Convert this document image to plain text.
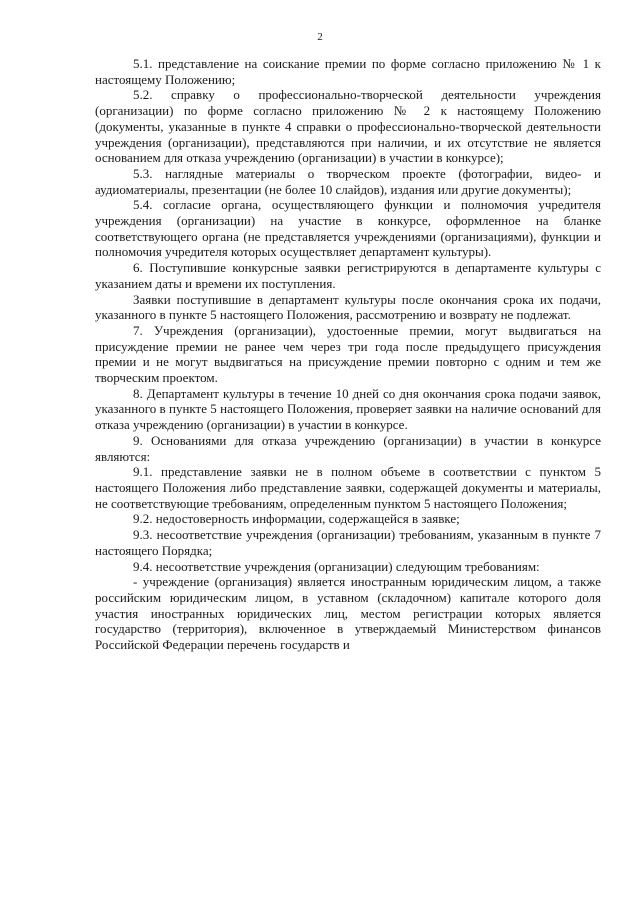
2

5.1. представление на соискание премии по форме согласно приложению № 1 к настоящему Положению;

5.2. справку о профессионально-творческой деятельности учреждения (организации) по форме согласно приложению № 2 к настоящему Положению (документы, указанные в пункте 4 справки о профессионально-творческой деятельности учреждения (организации), представляются при наличии, и их отсутствие не является основанием для отказа учреждению (организации) в участии в конкурсе);

5.3. наглядные материалы о творческом проекте (фотографии, видео- и аудиоматериалы, презентации (не более 10 слайдов), издания или другие документы);

5.4. согласие органа, осуществляющего функции и полномочия учредителя учреждения (организации) на участие в конкурсе, оформленное на бланке соответствующего органа (не представляется учреждениями (организациями), функции и полномочия учредителя которых осуществляет департамент культуры).

6. Поступившие конкурсные заявки регистрируются в департаменте культуры с указанием даты и времени их поступления.

Заявки поступившие в департамент культуры после окончания срока их подачи, указанного в пункте 5 настоящего Положения, рассмотрению и возврату не подлежат.

7. Учреждения (организации), удостоенные премии, могут выдвигаться на присуждение премии не ранее чем через три года после предыдущего присуждения премии и не могут выдвигаться на присуждение премии повторно с одним и тем же творческим проектом.

8. Департамент культуры в течение 10 дней со дня окончания срока подачи заявок, указанного в пункте 5 настоящего Положения, проверяет заявки на наличие оснований для отказа учреждению (организации) в участии в конкурсе.

9. Основаниями для отказа учреждению (организации) в участии в конкурсе являются:

9.1. представление заявки не в полном объеме в соответствии с пунктом 5 настоящего Положения либо представление заявки, содержащей документы и материалы, не соответствующие требованиям, определенным пунктом 5 настоящего Положения;

9.2. недостоверность информации, содержащейся в заявке;

9.3. несоответствие учреждения (организации) требованиям, указанным в пункте 7 настоящего Порядка;

9.4. несоответствие учреждения (организации) следующим требованиям:

- учреждение (организация) является иностранным юридическим лицом, а также российским юридическим лицом, в уставном (складочном) капитале которого доля участия иностранных юридических лиц, местом регистрации которых является государство (территория), включенное в утверждаемый Министерством финансов Российской Федерации перечень государств и
